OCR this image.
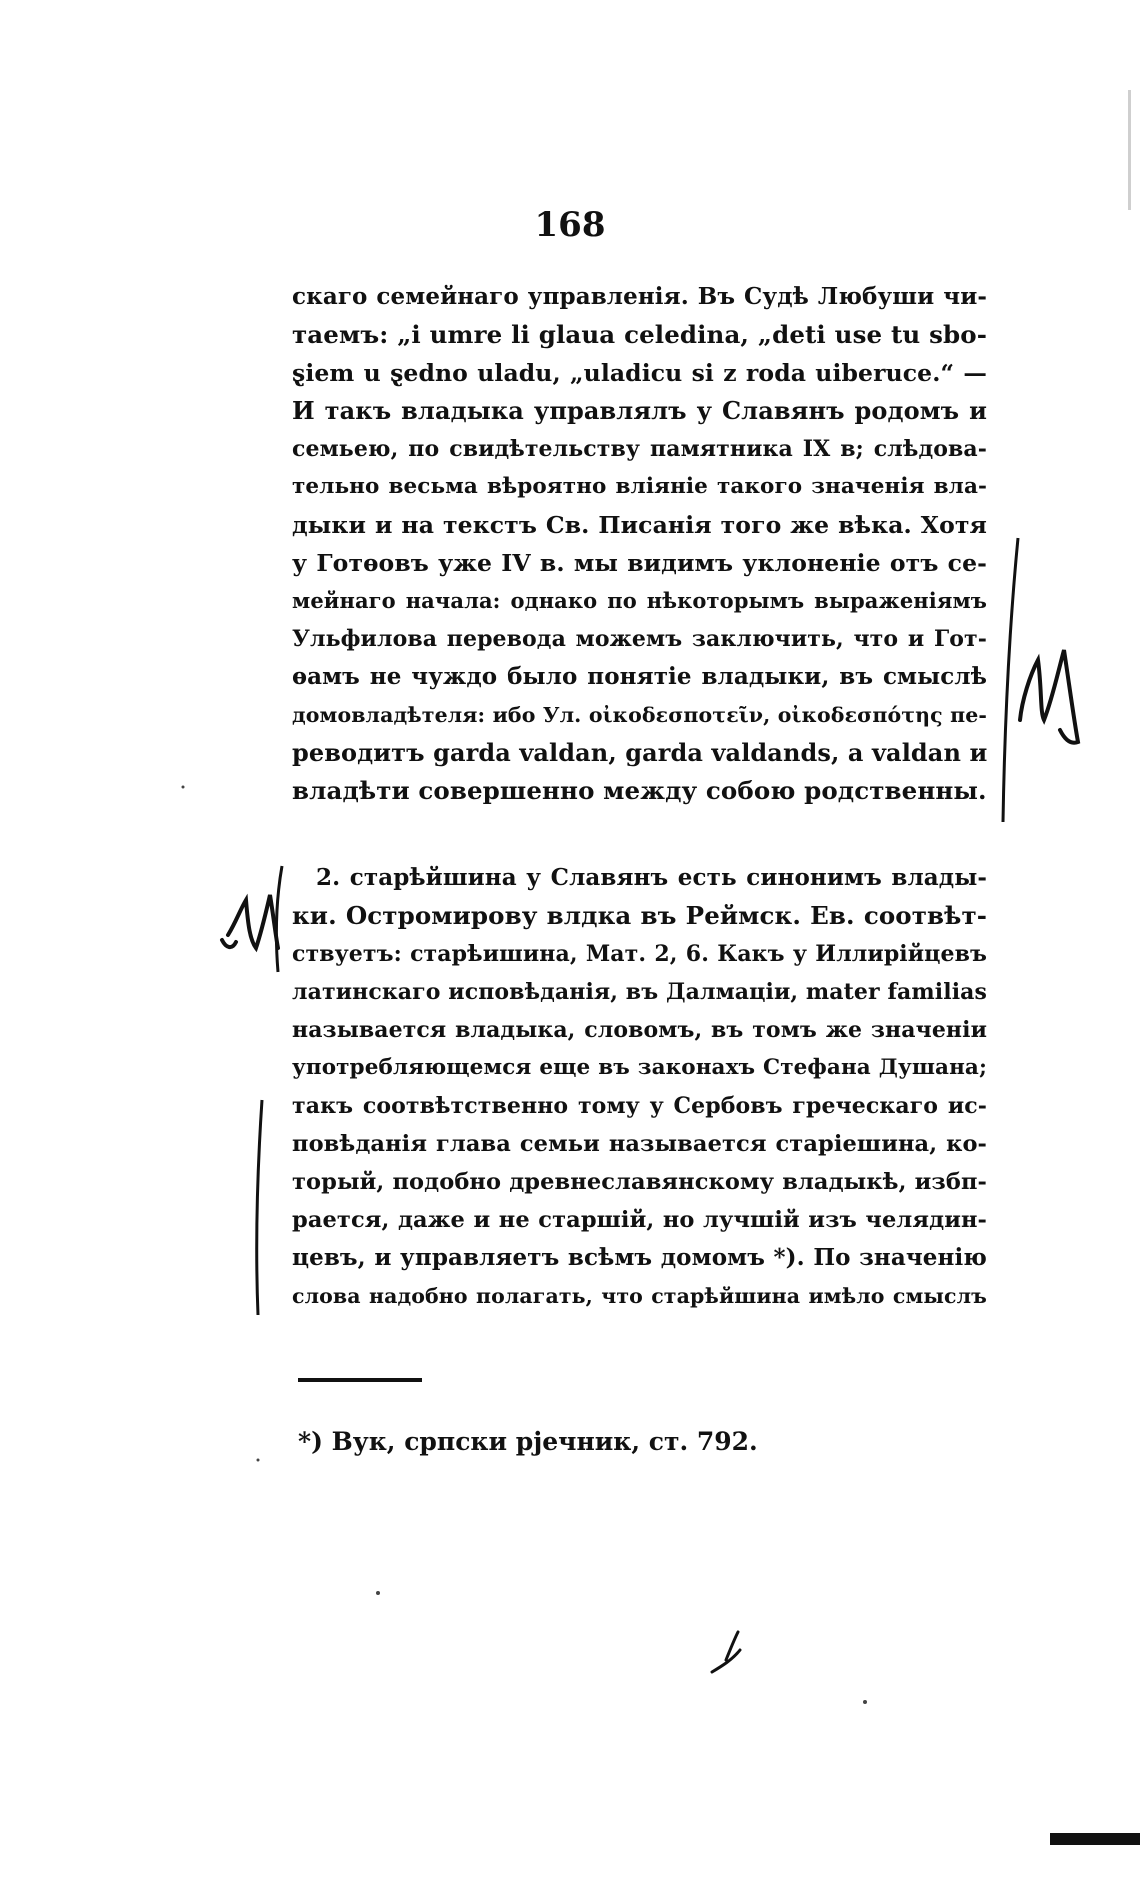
168
скаго семейнаго управленія. Въ Судѣ Любуши чи-
таемъ: „i umre li glaua celedina, „deti use tu sbo-
ȿiem u ȿedno uladu, „uladicu si z roda uiberuce.“ —
И такъ владыка управлялъ у Славянъ родомъ и
семьею, по свидѣтельству памятника IX в; слѣдова-
тельно весьма вѣроятно вліяніе такого значенія вла-
дыки и на текстъ Св. Писанія того же вѣка. Хотя
у Готѳовъ уже IV в. мы видимъ уклоненіе отъ се-
мейнаго начала: однако по нѣкоторымъ выраженіямъ
Ульфилова перевода можемъ заключить, что и Гот-
ѳамъ не чуждо было понятіе владыки, въ смыслѣ
домовладѣтеля: ибо Ул. οἰκοδεσποτεῖν, οἰκοδεσπότης пе-
реводитъ garda valdan, garda valdands, а valdan и
владѣти совершенно между собою родственны.
2. старѣйшина у Славянъ есть синонимъ влады-
ки. Остромирову влдка въ Реймск. Ев. соотвѣт-
ствуетъ: старѣишина, Мат. 2, 6. Какъ у Иллирійцевъ
латинскаго исповѣданія, въ Далмаціи, mater familias
называется владыка, словомъ, въ томъ же значеніи
употребляющемся еще въ законахъ Стефана Душана;
такъ соотвѣтственно тому у Сербовъ греческаго ис-
повѣданія глава семьи называется старіешина, ко-
торый, подобно древнеславянскому владыкѣ, избп-
рается, даже и не старшій, но лучшій изъ челядин-
цевъ, и управляетъ всѣмъ домомъ *). По значенію
слова надобно полагать, что старѣйшина имѣло смыслъ
*) Вук, српски рјечник, ст. 792.
